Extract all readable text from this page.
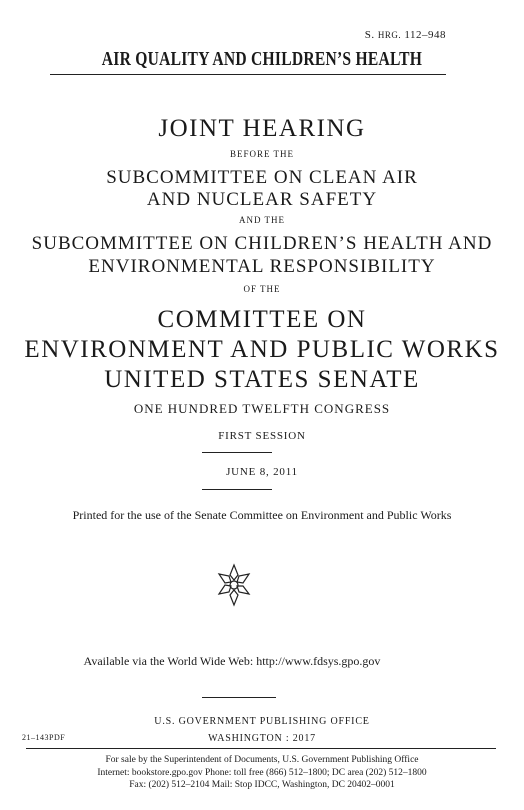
S. HRG. 112–948
AIR QUALITY AND CHILDREN’S HEALTH
JOINT HEARING
BEFORE THE
SUBCOMMITTEE ON CLEAN AIR
AND NUCLEAR SAFETY
AND THE
SUBCOMMITTEE ON CHILDREN’S HEALTH AND
ENVIRONMENTAL RESPONSIBILITY
OF THE
COMMITTEE ON
ENVIRONMENT AND PUBLIC WORKS
UNITED STATES SENATE
ONE HUNDRED TWELFTH CONGRESS
FIRST SESSION
JUNE 8, 2011
Printed for the use of the Senate Committee on Environment and Public Works
Available via the World Wide Web: http://www.fdsys.gpo.gov
U.S. GOVERNMENT PUBLISHING OFFICE
21–143PDF	WASHINGTON : 2017
For sale by the Superintendent of Documents, U.S. Government Publishing Office
Internet: bookstore.gpo.gov Phone: toll free (866) 512–1800; DC area (202) 512–1800
Fax: (202) 512–2104 Mail: Stop IDCC, Washington, DC 20402–0001
